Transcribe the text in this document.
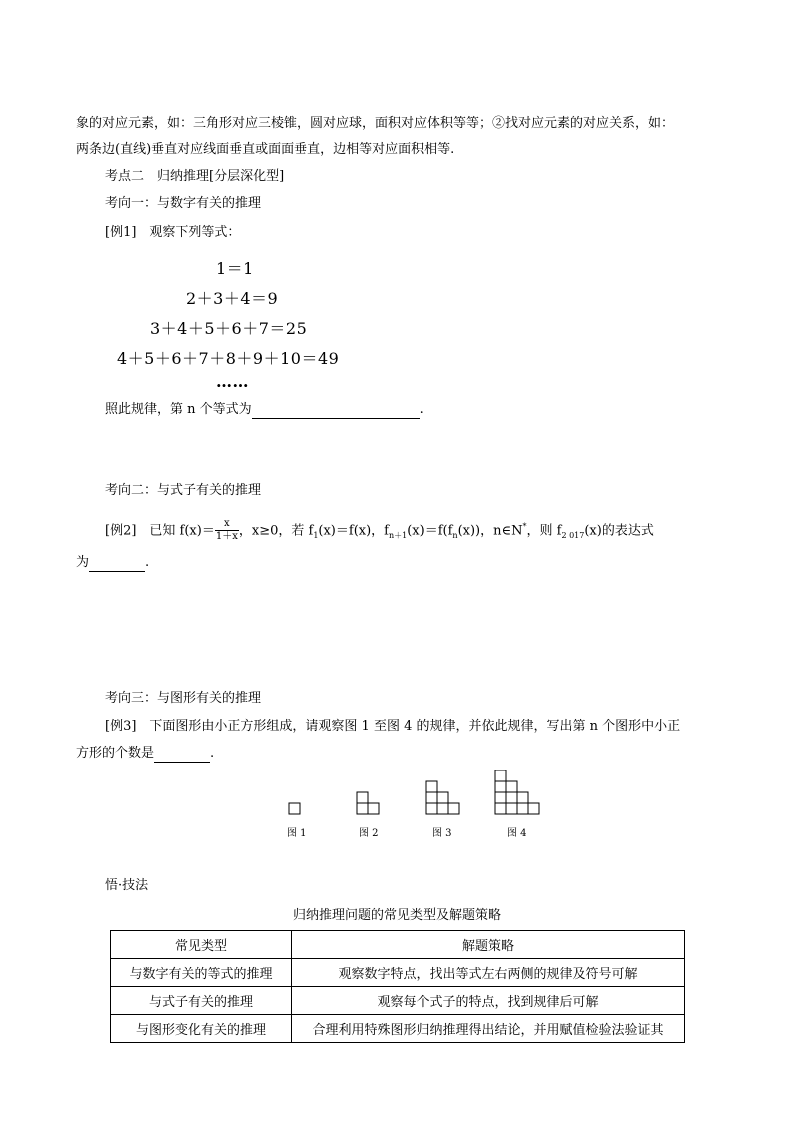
象的对应元素，如：三角形对应三棱锥，圆对应球，面积对应体积等等；②找对应元素的对应关系，如：
两条边(直线)垂直对应线面垂直或面面垂直，边相等对应面积相等.
考点二　归纳推理[分层深化型]
考向一：与数字有关的推理
[例1]　观察下列等式：
1＝1
2＋3＋4＝9
3＋4＋5＋6＋7＝25
4＋5＋6＋7＋8＋9＋10＝49
……
照此规律，第 n 个等式为	.
考向二：与式子有关的推理
[例2]　已知 $f(x)= \frac{x}{1+x}$ ，x≥0，若 $f_1(x)=f(x)$，$f_{n+1}(x)=f(f_n(x))$，n∈N*，则 $f_{2 017}(x)$的表达式
为	.
考向三：与图形有关的推理
[例3]　下面图形由小正方形组成，请观察图 1 至图 4 的规律，并依此规律，写出第 n 个图形中小正
方形的个数是	.
图 1	图 2	图 3	图 4
悟·技法
归纳推理问题的常见类型及解题策略
常见类型	解题策略
与数字有关的等式的推理	观察数字特点，找出等式左右两侧的规律及符号可解
与式子有关的推理	观察每个式子的特点，找到规律后可解
与图形变化有关的推理	合理利用特殊图形归纳推理得出结论，并用赋值检验法验证其
